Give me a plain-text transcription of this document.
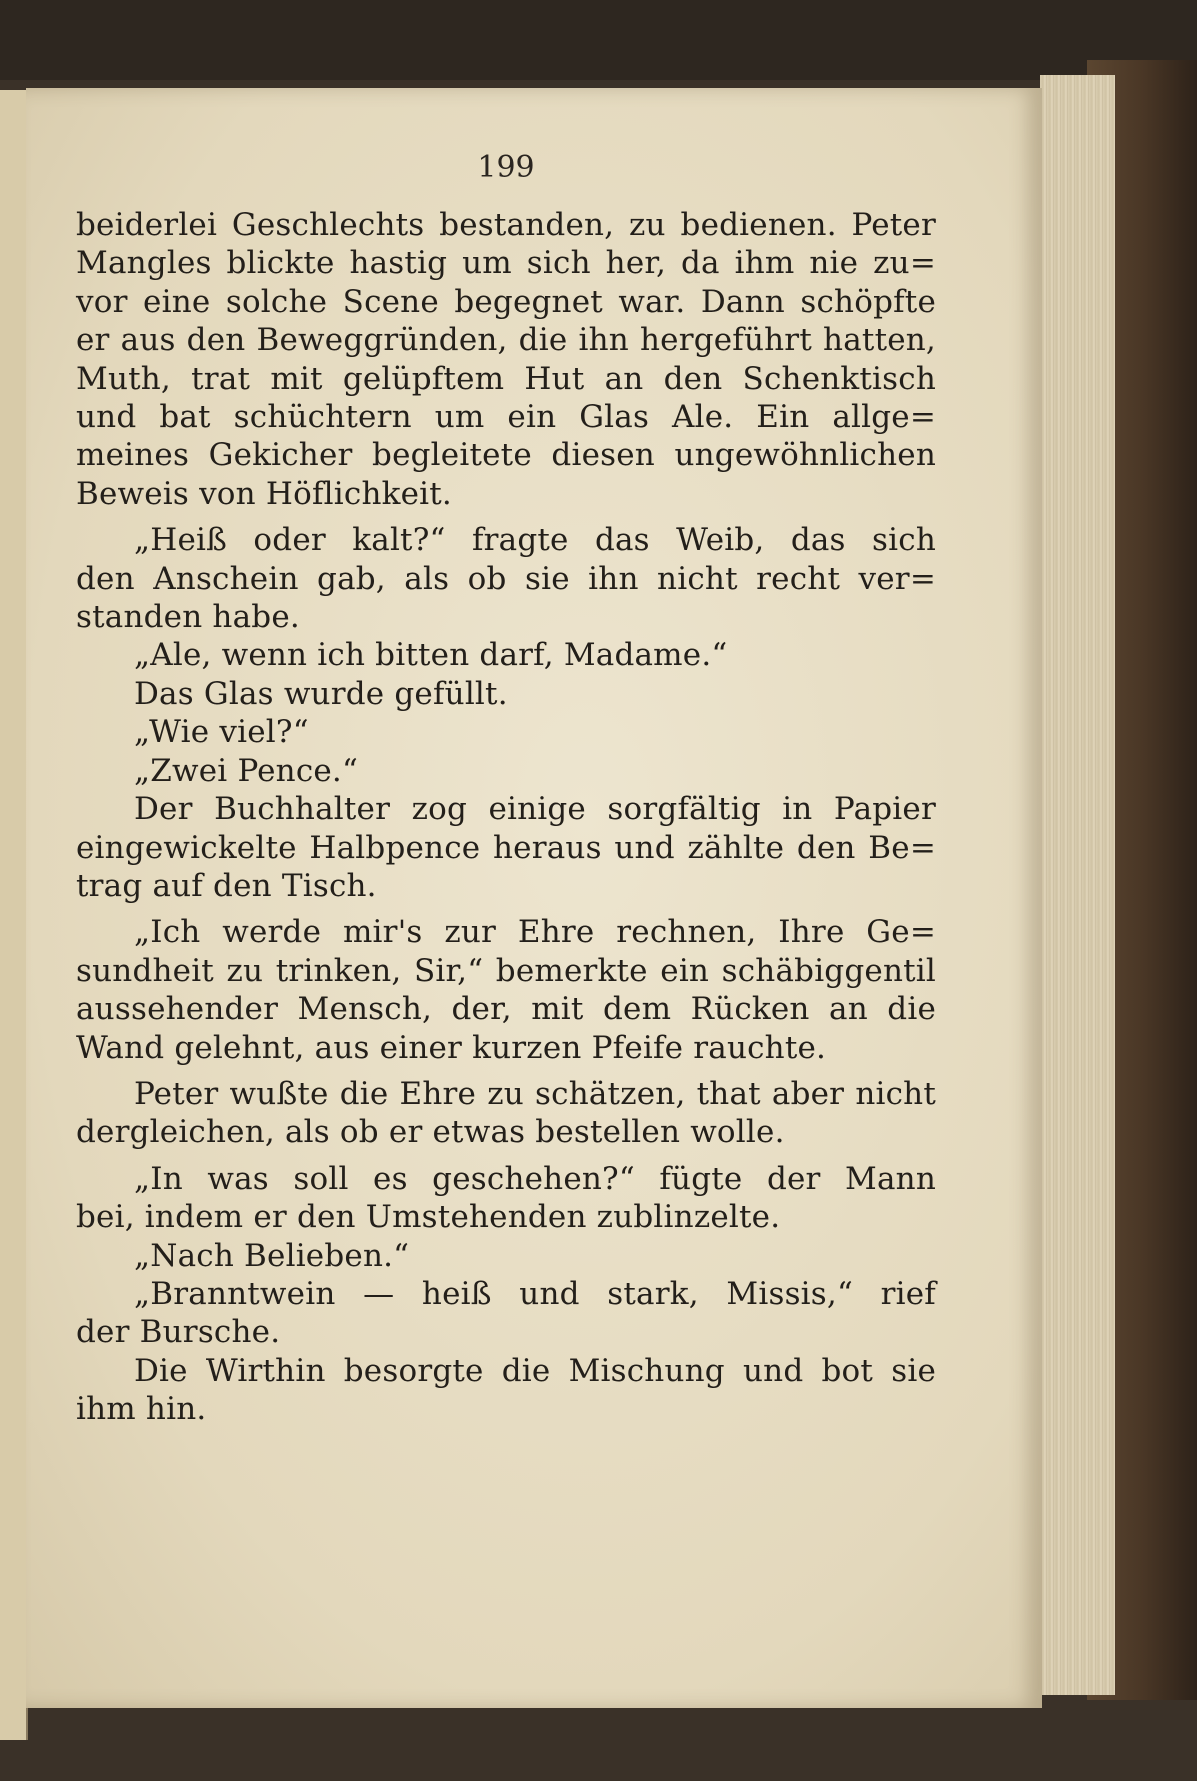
199
beiderlei Geschlechts bestanden, zu bedienen. Peter
Mangles blickte hastig um sich her, da ihm nie zu=
vor eine solche Scene begegnet war. Dann schöpfte
er aus den Beweggründen, die ihn hergeführt hatten,
Muth, trat mit gelüpftem Hut an den Schenktisch
und bat schüchtern um ein Glas Ale. Ein allge=
meines Gekicher begleitete diesen ungewöhnlichen
Beweis von Höflichkeit.
„Heiß oder kalt?“ fragte das Weib, das sich
den Anschein gab, als ob sie ihn nicht recht ver=
standen habe.
„Ale, wenn ich bitten darf, Madame.“
Das Glas wurde gefüllt.
„Wie viel?“
„Zwei Pence.“
Der Buchhalter zog einige sorgfältig in Papier
eingewickelte Halbpence heraus und zählte den Be=
trag auf den Tisch.
„Ich werde mir's zur Ehre rechnen, Ihre Ge=
sundheit zu trinken, Sir,“ bemerkte ein schäbiggentil
aussehender Mensch, der, mit dem Rücken an die
Wand gelehnt, aus einer kurzen Pfeife rauchte.
Peter wußte die Ehre zu schätzen, that aber nicht
dergleichen, als ob er etwas bestellen wolle.
„In was soll es geschehen?“ fügte der Mann
bei, indem er den Umstehenden zublinzelte.
„Nach Belieben.“
„Branntwein — heiß und stark, Missis,“ rief
der Bursche.
Die Wirthin besorgte die Mischung und bot sie
ihm hin.
